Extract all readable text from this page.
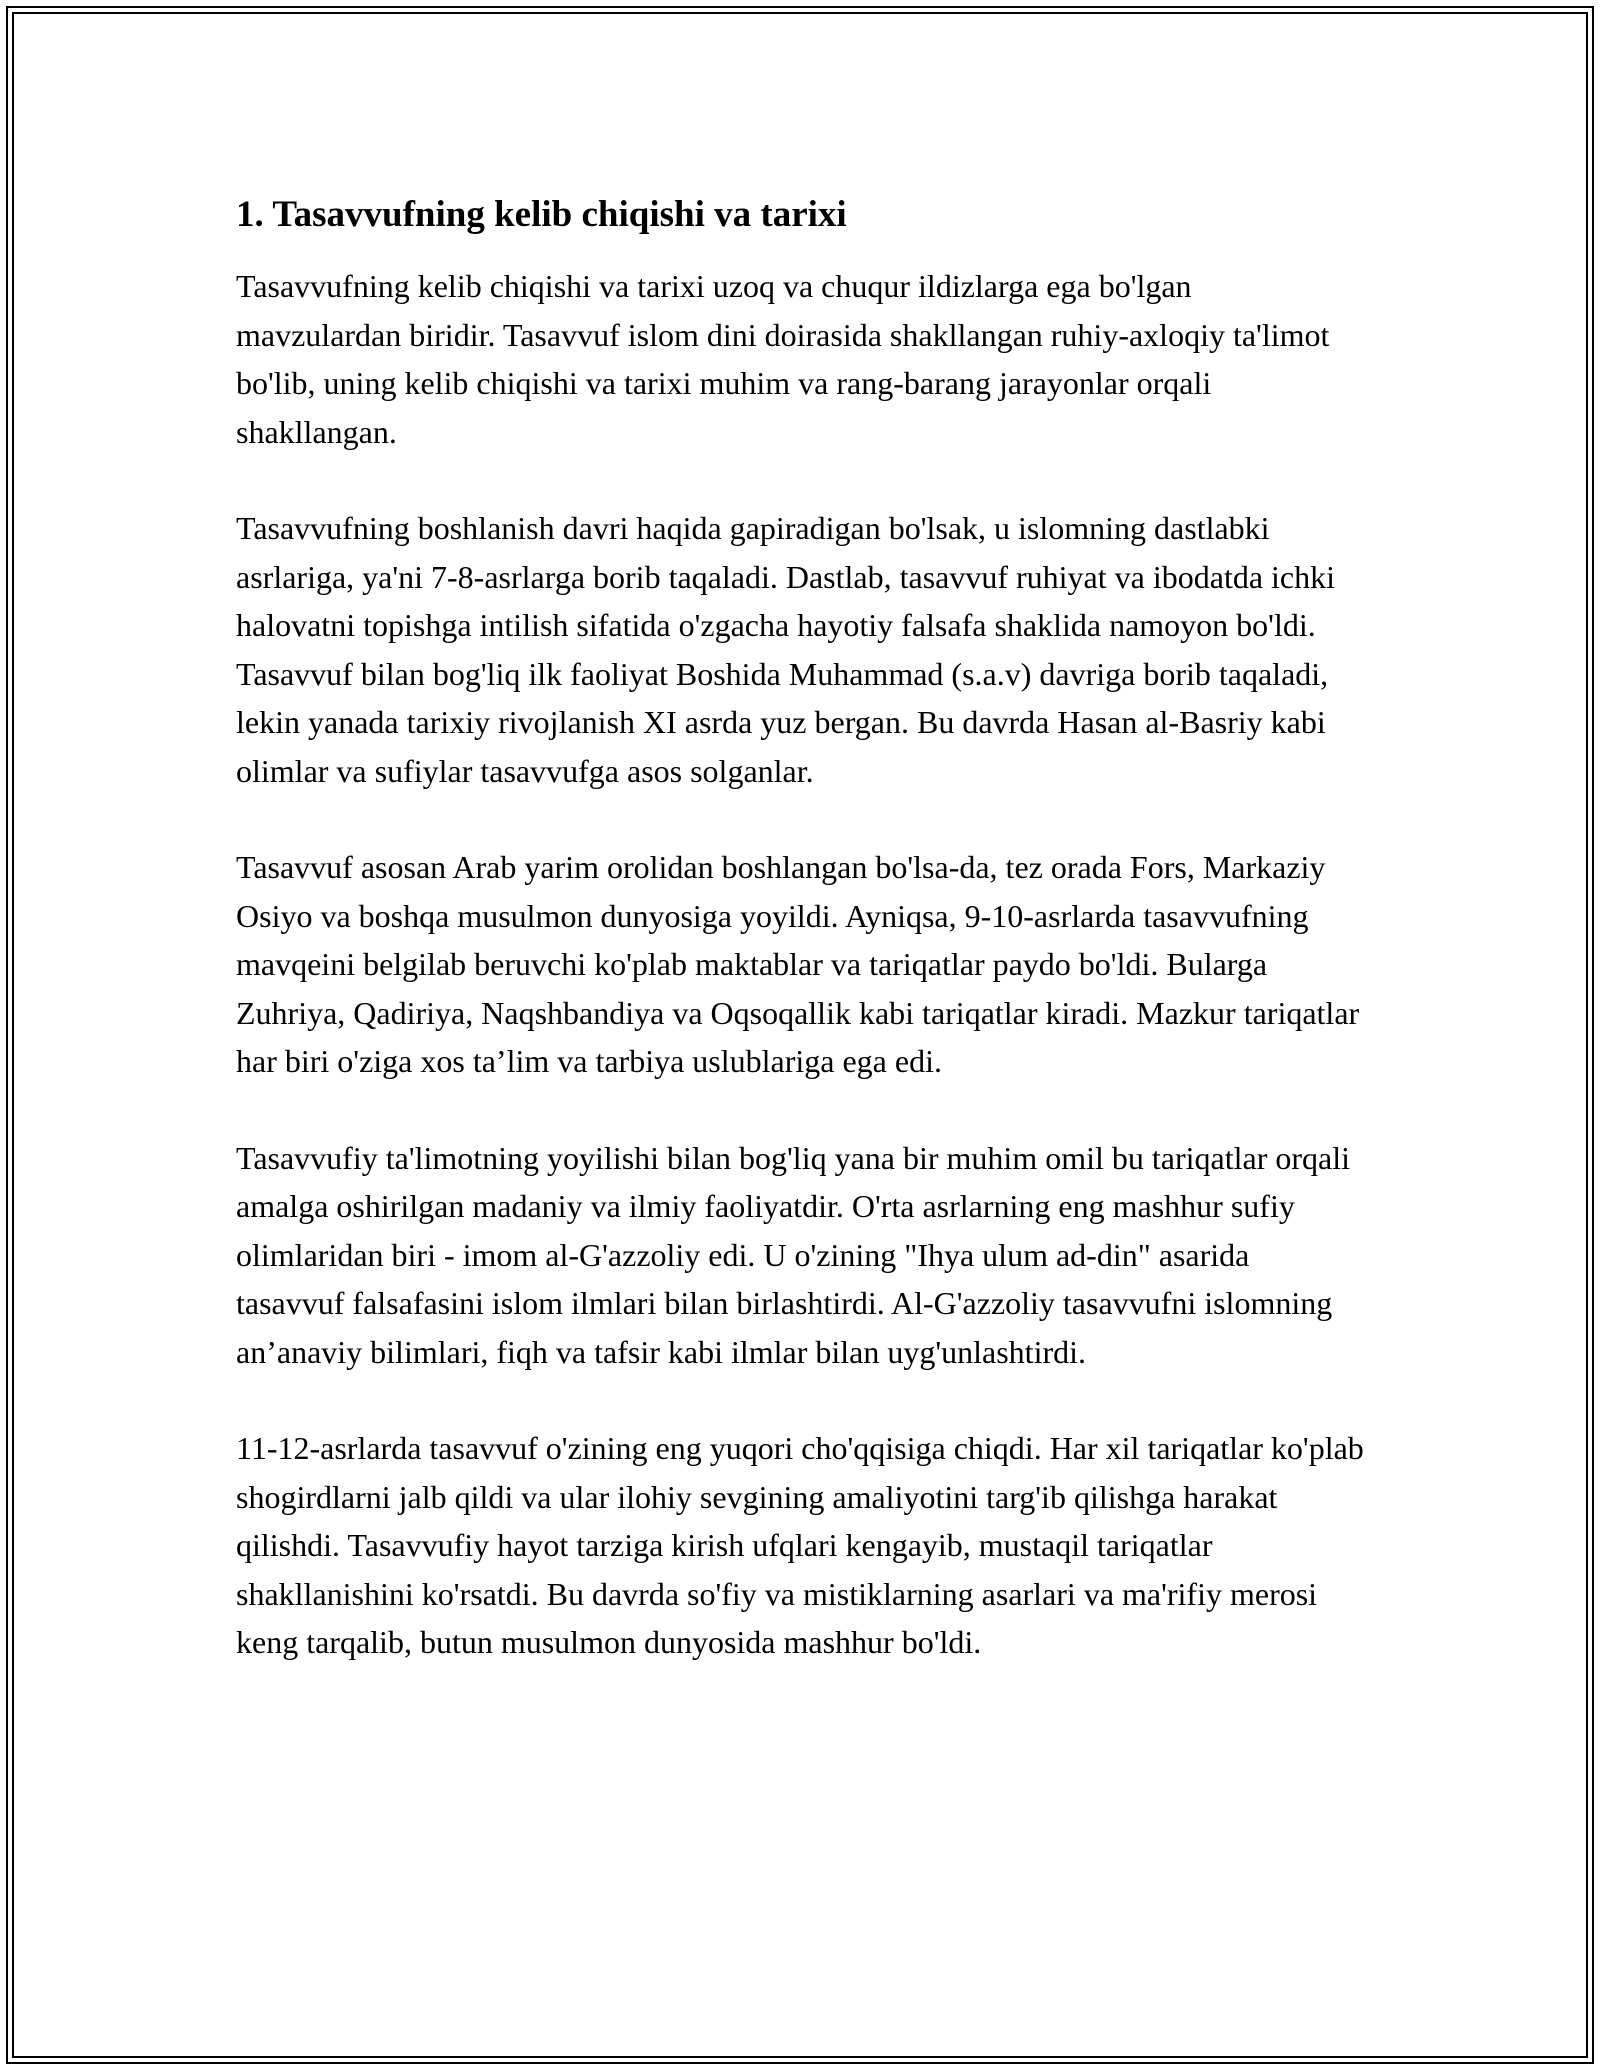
1. Tasavvufning kelib chiqishi va tarixi

Tasavvufning kelib chiqishi va tarixi uzoq va chuqur ildizlarga ega bo'lgan mavzulardan biridir. Tasavvuf islom dini doirasida shakllangan ruhiy-axloqiy ta'limot bo'lib, uning kelib chiqishi va tarixi muhim va rang-barang jarayonlar orqali shakllangan.

Tasavvufning boshlanish davri haqida gapiradigan bo'lsak, u islomning dastlabki asrlariga, ya'ni 7-8-asrlarga borib taqaladi. Dastlab, tasavvuf ruhiyat va ibodatda ichki halovatni topishga intilish sifatida o'zgacha hayotiy falsafa shaklida namoyon bo'ldi. Tasavvuf bilan bog'liq ilk faoliyat Boshida Muhammad (s.a.v) davriga borib taqaladi, lekin yanada tarixiy rivojlanish XI asrda yuz bergan. Bu davrda Hasan al-Basriy kabi olimlar va sufiylar tasavvufga asos solganlar.

Tasavvuf asosan Arab yarim orolidan boshlangan bo'lsa-da, tez orada Fors, Markaziy Osiyo va boshqa musulmon dunyosiga yoyildi. Ayniqsa, 9-10-asrlarda tasavvufning mavqeini belgilab beruvchi ko'plab maktablar va tariqatlar paydo bo'ldi. Bularga Zuhriya, Qadiriya, Naqshbandiya va Oqsoqallik kabi tariqatlar kiradi. Mazkur tariqatlar har biri o'ziga xos ta’lim va tarbiya uslublariga ega edi.

Tasavvufiy ta'limotning yoyilishi bilan bog'liq yana bir muhim omil bu tariqatlar orqali amalga oshirilgan madaniy va ilmiy faoliyatdir. O'rta asrlarning eng mashhur sufiy olimlaridan biri - imom al-G'azzoliy edi. U o'zining "Ihya ulum ad-din" asarida tasavvuf falsafasini islom ilmlari bilan birlashtirdi. Al-G'azzoliy tasavvufni islomning an’anaviy bilimlari, fiqh va tafsir kabi ilmlar bilan uyg'unlashtirdi.

11-12-asrlarda tasavvuf o'zining eng yuqori cho'qqisiga chiqdi. Har xil tariqatlar ko'plab shogirdlarni jalb qildi va ular ilohiy sevgining amaliyotini targ'ib qilishga harakat qilishdi. Tasavvufiy hayot tarziga kirish ufqlari kengayib, mustaqil tariqatlar shakllanishini ko'rsatdi. Bu davrda so'fiy va mistiklarning asarlari va ma'rifiy merosi keng tarqalib, butun musulmon dunyosida mashhur bo'ldi.
